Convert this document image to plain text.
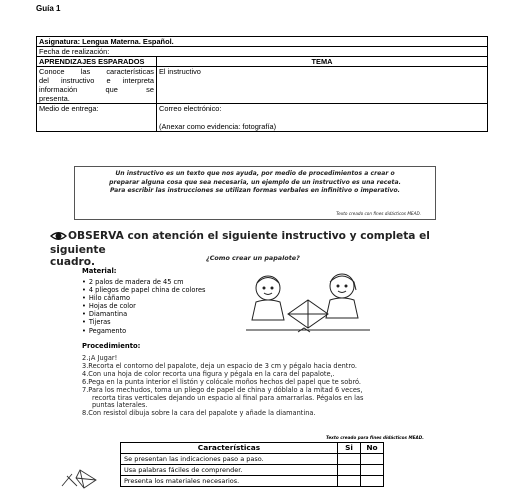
Guía 1
Asignatura: Lengua Materna. Español.	
Fecha de realización:	
APRENDIZAJES ESPARADOS	TEMA

Conoce las características
del instructivo e interpreta
información que se
presenta.	El instructivo
Medio de entrega:	Correo electrónico:
(Anexar como evidencia: fotografía)
Un instructivo es un texto que nos ayuda, por medio de procedimientos a crear o
preparar alguna cosa que sea necesaria, un ejemplo de un instructivo es una receta.
Para escribir las instrucciones se utilizan formas verbales en infinitivo o imperativo.
Texto creado con fines didácticos MEAD.
OBSERVA con atención el siguiente instructivo y completa el siguiente
cuadro.	¿Como crear un papalote?
Material:
• 2 palos de madera de 45 cm
• 4 pliegos de papel china de colores
• Hilo cáñamo
• Hojas de color
• Diamantina
• Tijeras
• Pegamento
Procedimiento:
2.¡A Jugar!
3.Recorta el contorno del papalote, deja un espacio de 3 cm y pégalo hacia dentro.
4.Con una hoja de color recorta una figura y pégala en la cara del papalote,.
6.Pega en la punta interior el listón y colócale moños hechos del papel que te sobró.
7.Para los mechudos, toma un pliego de papel de china y dóblalo a la mitad 6 veces,
recorta tiras verticales dejando un espacio al final para amarrarlas. Pégalos en las
puntas laterales.
8.Con resistol dibuja sobre la cara del papalote y añade la diamantina.
Texto creado para fines didácticos MEAD.
Características	Si	No
Se presentan las indicaciones paso a paso.		
Usa palabras fáciles de comprender.		
Presenta los materiales necesarios.		
